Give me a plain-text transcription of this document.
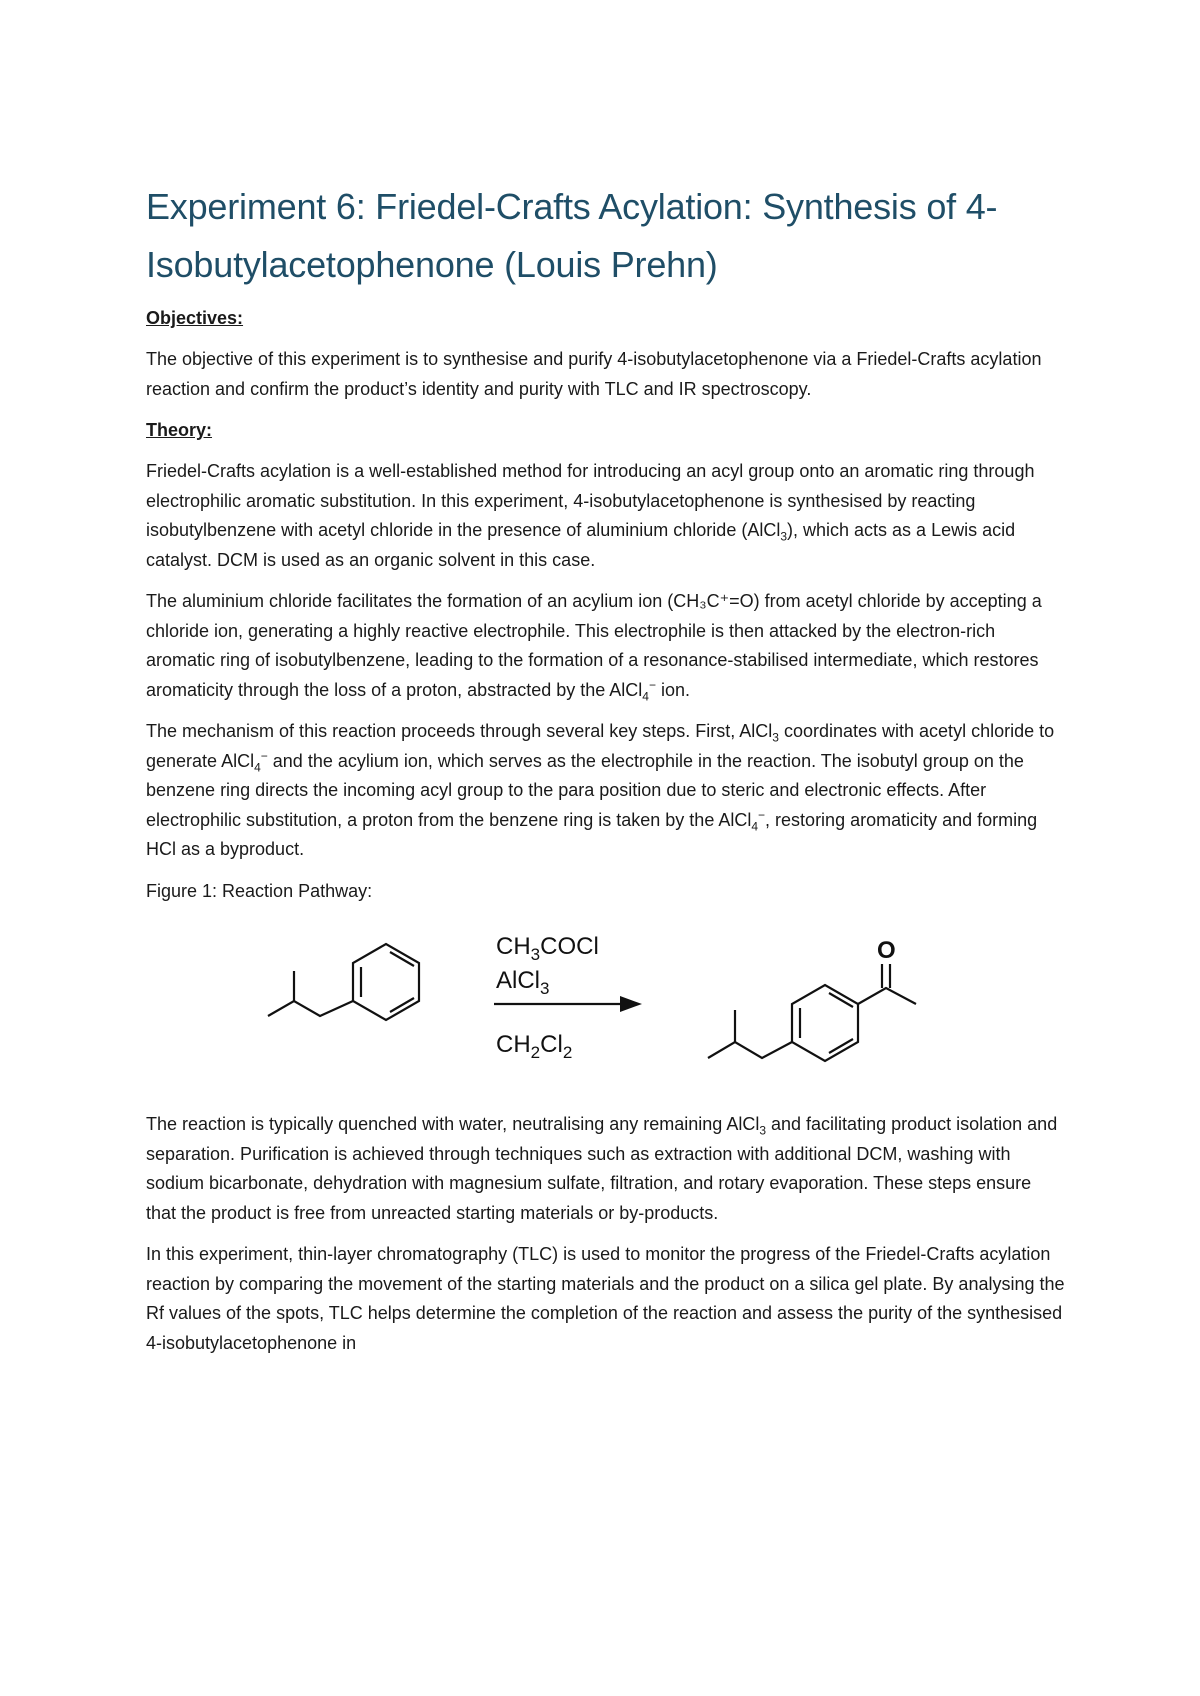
Experiment 6: Friedel-Crafts Acylation: Synthesis of 4-Isobutylacetophenone (Louis Prehn)
Objectives:

The objective of this experiment is to synthesise and purify 4-isobutylacetophenone via a Friedel-Crafts acylation reaction and confirm the product’s identity and purity with TLC and IR spectroscopy.

Theory:

Friedel-Crafts acylation is a well-established method for introducing an acyl group onto an aromatic ring through electrophilic aromatic substitution. In this experiment, 4-isobutylacetophenone is synthesised by reacting isobutylbenzene with acetyl chloride in the presence of aluminium chloride (AlCl$_3$), which acts as a Lewis acid catalyst. DCM is used as an organic solvent in this case.

The aluminium chloride facilitates the formation of an acylium ion (CH₃C⁺=O) from acetyl chloride by accepting a chloride ion, generating a highly reactive electrophile. This electrophile is then attacked by the electron-rich aromatic ring of isobutylbenzene, leading to the formation of a resonance-stabilised intermediate, which restores aromaticity through the loss of a proton, abstracted by the AlCl$_4$− ion.

The mechanism of this reaction proceeds through several key steps. First, AlCl$_3$ coordinates with acetyl chloride to generate AlCl$_4$− and the acylium ion, which serves as the electrophile in the reaction. The isobutyl group on the benzene ring directs the incoming acyl group to the para position due to steric and electronic effects. After electrophilic substitution, a proton from the benzene ring is taken by the AlCl$_4$−, restoring aromaticity and forming HCl as a byproduct.

Figure 1: Reaction Pathway:

$CH_3COCl$
AlCl$_3$
$CH_2Cl_2$
O

The reaction is typically quenched with water, neutralising any remaining AlCl$_3$ and facilitating product isolation and separation. Purification is achieved through techniques such as extraction with additional DCM, washing with sodium bicarbonate, dehydration with magnesium sulfate, filtration, and rotary evaporation. These steps ensure that the product is free from unreacted starting materials or by-products.

In this experiment, thin-layer chromatography (TLC) is used to monitor the progress of the Friedel-Crafts acylation reaction by comparing the movement of the starting materials and the product on a silica gel plate. By analysing the Rf values of the spots, TLC helps determine the completion of the reaction and assess the purity of the synthesised 4-isobutylacetophenone in
